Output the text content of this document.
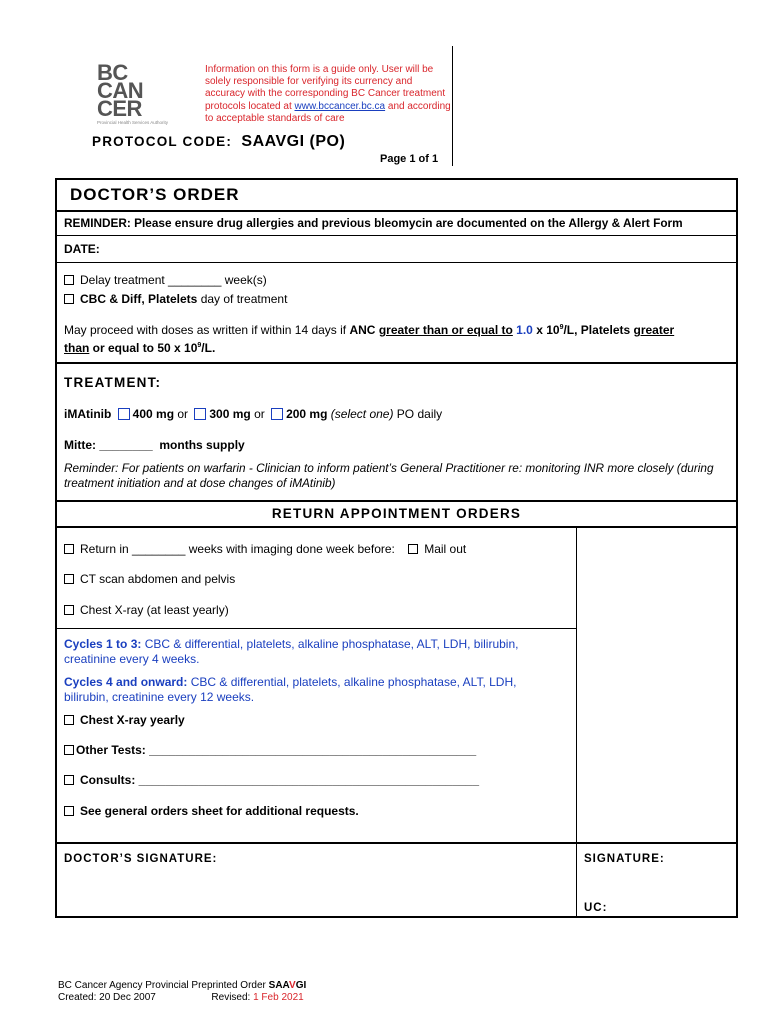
BC
CAN
CER
Provincial Health Services Authority
Information on this form is a guide only. User will be solely responsible for verifying its currency and accuracy with the corresponding BC Cancer treatment protocols located at www.bccancer.bc.ca and according to acceptable standards of care
PROTOCOL CODE: SAAVGI (PO)
Page 1 of 1
DOCTOR’S ORDER
REMINDER: Please ensure drug allergies and previous bleomycin are documented on the Allergy & Alert Form
DATE:
Delay treatment ________ week(s)
CBC & Diff, Platelets day of treatment
May proceed with doses as written if within 14 days if ANC greater than or equal to 1.0 x $10^9/L$, Platelets greater
than or equal to 50 x $10^9/L$.
TREATMENT:
iMAtinib 400 mg or 300 mg or 200 mg (select one) PO daily
Mitte: ________  months supply
Reminder: For patients on warfarin - Clinician to inform patient’s General Practitioner re: monitoring INR more closely (during treatment initiation and at dose changes of iMAtinib)
RETURN APPOINTMENT ORDERS
Return in ________ weeks with imaging done week before: Mail out
CT scan abdomen and pelvis
Chest X-ray (at least yearly)
Cycles 1 to 3: CBC & differential, platelets, alkaline phosphatase, ALT, LDH, bilirubin, creatinine every 4 weeks.
Cycles 4 and onward: CBC & differential, platelets, alkaline phosphatase, ALT, LDH, bilirubin, creatinine every 12 weeks.
Chest X-ray yearly
Other Tests: _________________________________________________
Consults: ___________________________________________________
See general orders sheet for additional requests.
DOCTOR’S SIGNATURE:	SIGNATURE:
UC:
BC Cancer Agency Provincial Preprinted Order SAAVGI
Created: 20 Dec 2007	Revised: 1 Feb 2021
